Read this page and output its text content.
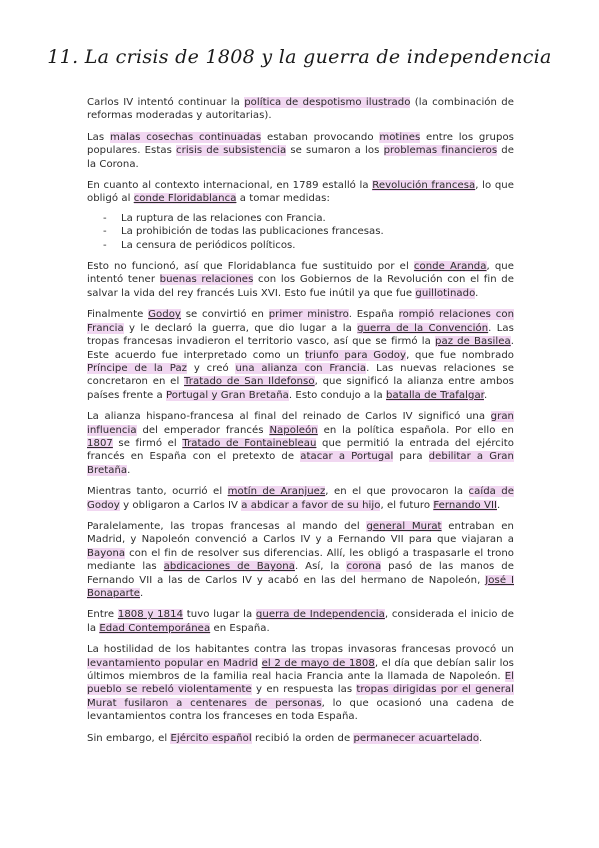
11. La crisis de 1808 y la guerra de independencia

Carlos IV intentó continuar la política de despotismo ilustrado (la combinación de reformas moderadas y autoritarias).

Las malas cosechas continuadas estaban provocando motines entre los grupos populares. Estas crisis de subsistencia se sumaron a los problemas financieros de la Corona.

En cuanto al contexto internacional, en 1789 estalló la Revolución francesa, lo que obligó al conde Floridablanca a tomar medidas:

- La ruptura de las relaciones con Francia.
- La prohibición de todas las publicaciones francesas.
- La censura de periódicos políticos.

Esto no funcionó, así que Floridablanca fue sustituido por el conde Aranda, que intentó tener buenas relaciones con los Gobiernos de la Revolución con el fin de salvar la vida del rey francés Luis XVI. Esto fue inútil ya que fue guillotinado.

Finalmente Godoy se convirtió en primer ministro. España rompió relaciones con Francia y le declaró la guerra, que dio lugar a la guerra de la Convención. Las tropas francesas invadieron el territorio vasco, así que se firmó la paz de Basilea. Este acuerdo fue interpretado como un triunfo para Godoy, que fue nombrado Príncipe de la Paz y creó una alianza con Francia. Las nuevas relaciones se concretaron en el Tratado de San Ildefonso, que significó la alianza entre ambos países frente a Portugal y Gran Bretaña. Esto condujo a la batalla de Trafalgar.

La alianza hispano-francesa al final del reinado de Carlos IV significó una gran influencia del emperador francés Napoleón en la política española. Por ello en 1807 se firmó el Tratado de Fontainebleau que permitió la entrada del ejército francés en España con el pretexto de atacar a Portugal para debilitar a Gran Bretaña.

Mientras tanto, ocurrió el motín de Aranjuez, en el que provocaron la caída de Godoy y obligaron a Carlos IV a abdicar a favor de su hijo, el futuro Fernando VII.

Paralelamente, las tropas francesas al mando del general Murat entraban en Madrid, y Napoleón convenció a Carlos IV y a Fernando VII para que viajaran a Bayona con el fin de resolver sus diferencias. Allí, les obligó a traspasarle el trono mediante las abdicaciones de Bayona. Así, la corona pasó de las manos de Fernando VII a las de Carlos IV y acabó en las del hermano de Napoleón, José I Bonaparte.

Entre 1808 y 1814 tuvo lugar la guerra de Independencia, considerada el inicio de la Edad Contemporánea en España.

La hostilidad de los habitantes contra las tropas invasoras francesas provocó un levantamiento popular en Madrid el 2 de mayo de 1808, el día que debían salir los últimos miembros de la familia real hacia Francia ante la llamada de Napoleón. El pueblo se rebeló violentamente y en respuesta las tropas dirigidas por el general Murat fusilaron a centenares de personas, lo que ocasionó una cadena de levantamientos contra los franceses en toda España.

Sin embargo, el Ejército español recibió la orden de permanecer acuartelado.
